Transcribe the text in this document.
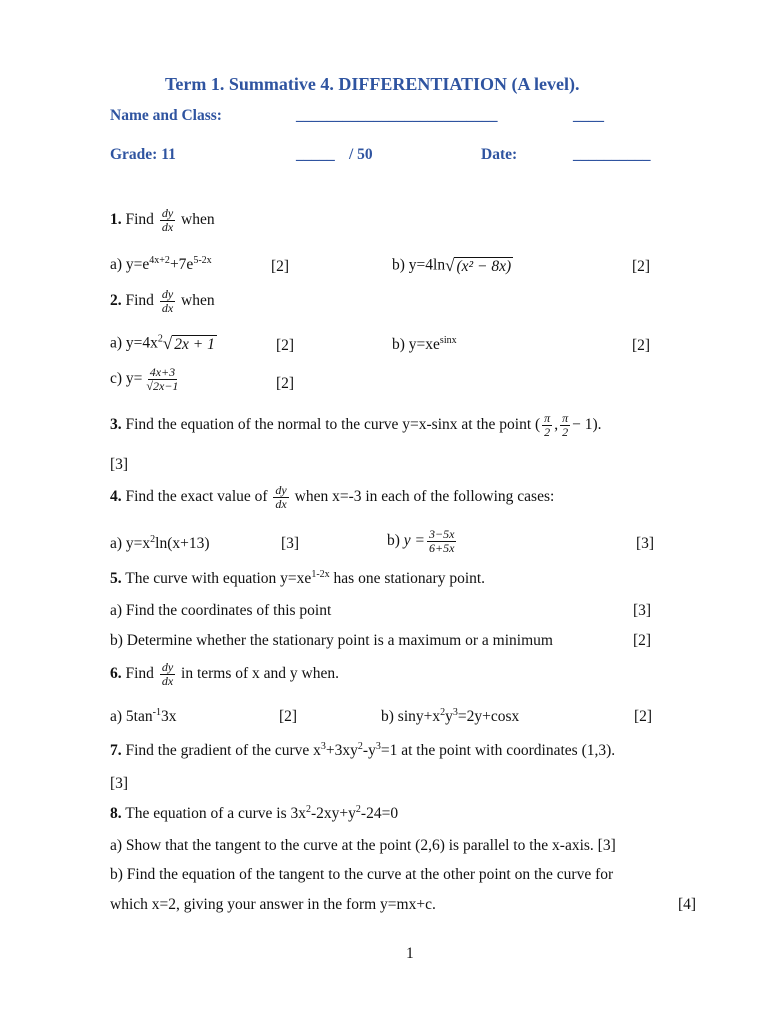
Term 1. Summative 4. DIFFERENTIATION (A level).
Name and Class:	__________________________	____
Grade: 11	_____ / 50	Date:	__________
1. Find $\frac{dy}{dx}$ when
a) $y=e^{4x+2}+7e^{5-2x}$	[2]	b) y=4ln√ (x² − 8x)	[2]
2. Find $\frac{dy}{dx}$ when
a) $y=4x^2√$ 2x + 1	[2]	b) $y=xe^{sinx}$	[2]
c) $y= \frac{4x+3}{√2x-1}$	[2]
3. Find the equation of the normal to the curve y=x-sinx at the point ( $\frac{\pi}{2}$ , $\frac{\pi}{2} - 1$).
[3]
4. Find the exact value of $\frac{dy}{dx}$ when x=-3 in each of the following cases:
a) $y=x^2\ln(x+13)$	[3]	b) $y = \frac{3-5x}{6+5x}$	[3]
5. The curve with equation $y=xe^{1-2x}$ has one stationary point.
a) Find the coordinates of this point	[3]
b) Determine whether the stationary point is a maximum or a minimum	[2]
6. Find $\frac{dy}{dx}$ in terms of x and y when.
a) $5\tan^{-1}3x$	[2]	b) $\sin y+x^2y^3=2y+\cos x$	[2]
7. Find the gradient of the curve $x^3+3xy^2-y^3=1$ at the point with coordinates (1,3).
[3]
8. The equation of a curve is $3x^2-2xy+y^2-24=0$
a) Show that the tangent to the curve at the point (2,6) is parallel to the x-axis. [3]
b) Find the equation of the tangent to the curve at the other point on the curve for
which x=2, giving your answer in the form y=mx+c.	[4]
1
